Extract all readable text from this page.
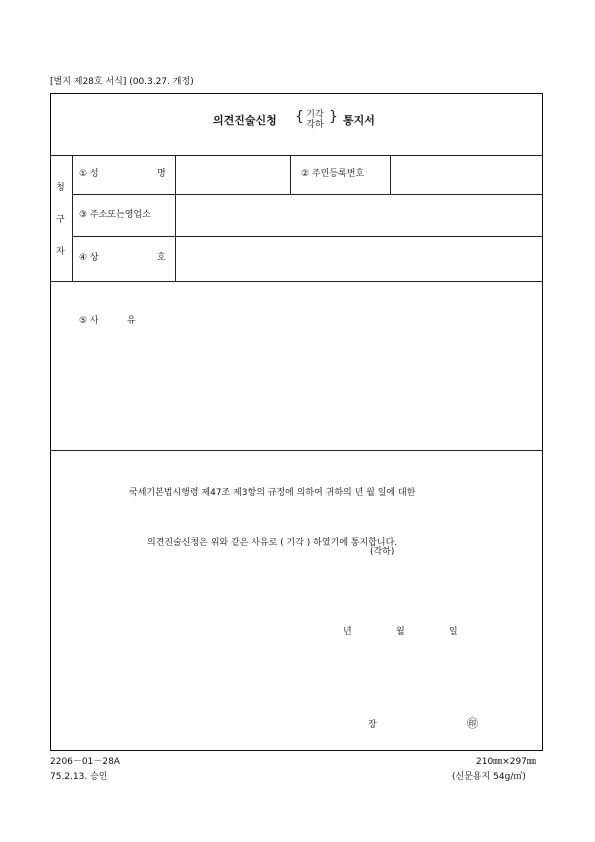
[별지 제28호 서식] (00.3.27. 개정)
의견진술신청 { 기각
각하 } 통지서
청
구
자
① 성	명	② 주민등록번호
③ 주소또는영업소
④ 상	호
⑤ 사	유
국세기본법시행령 제47조 제3항의 규정에 의하여 귀하의 년 월 일에 대한
의견진술신청은 위와 같은 사유로 ( 기각 ) 하였기에 통지합니다.
(각하)
년	월	일
장	㊞
2206－01－28A
75.2.13. 승인
210㎜×297㎜
(신문용지 54g/㎡)
